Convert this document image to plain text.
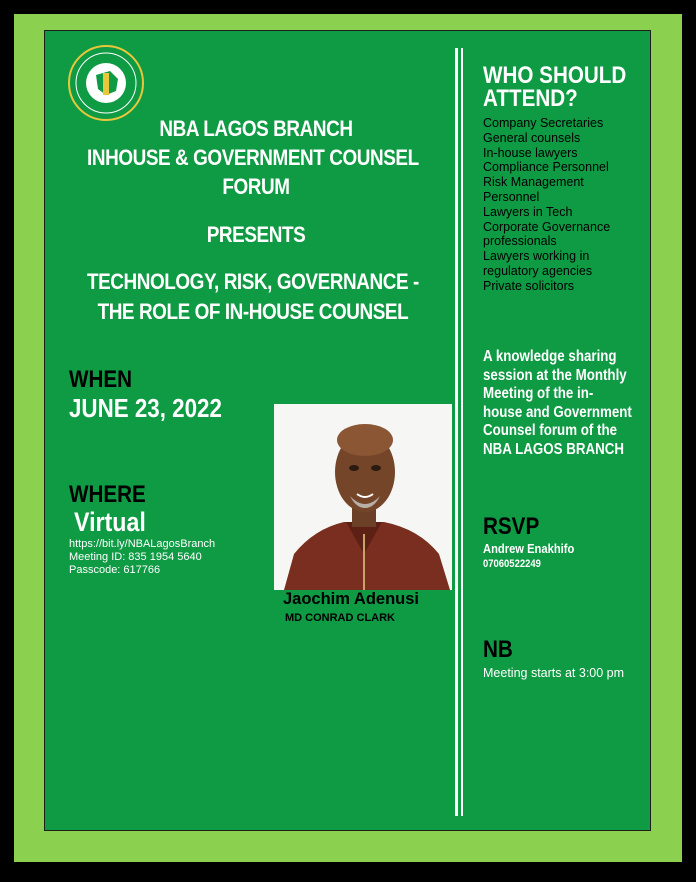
NBA LAGOS BRANCH
INHOUSE & GOVERNMENT COUNSEL
FORUM
PRESENTS
TECHNOLOGY, RISK, GOVERNANCE -
THE ROLE OF IN-HOUSE COUNSEL
WHEN
JUNE 23, 2022
WHERE
Virtual
https://bit.ly/NBALagosBranch
Meeting ID: 835 1954 5640
Passcode: 617766
Jaochim Adenusi
MD CONRAD CLARK
WHO SHOULD
ATTEND?
Company Secretaries
General counsels
In-house lawyers
Compliance Personnel
Risk Management
Personnel
Lawyers in Tech
Corporate Governance
professionals
Lawyers working in
regulatory agencies
Private solicitors
A knowledge sharing
session at the Monthly
Meeting of the in-
house and Government
Counsel forum of the
NBA LAGOS BRANCH
RSVP
Andrew Enakhifo
07060522249
NB
Meeting starts at 3:00 pm
